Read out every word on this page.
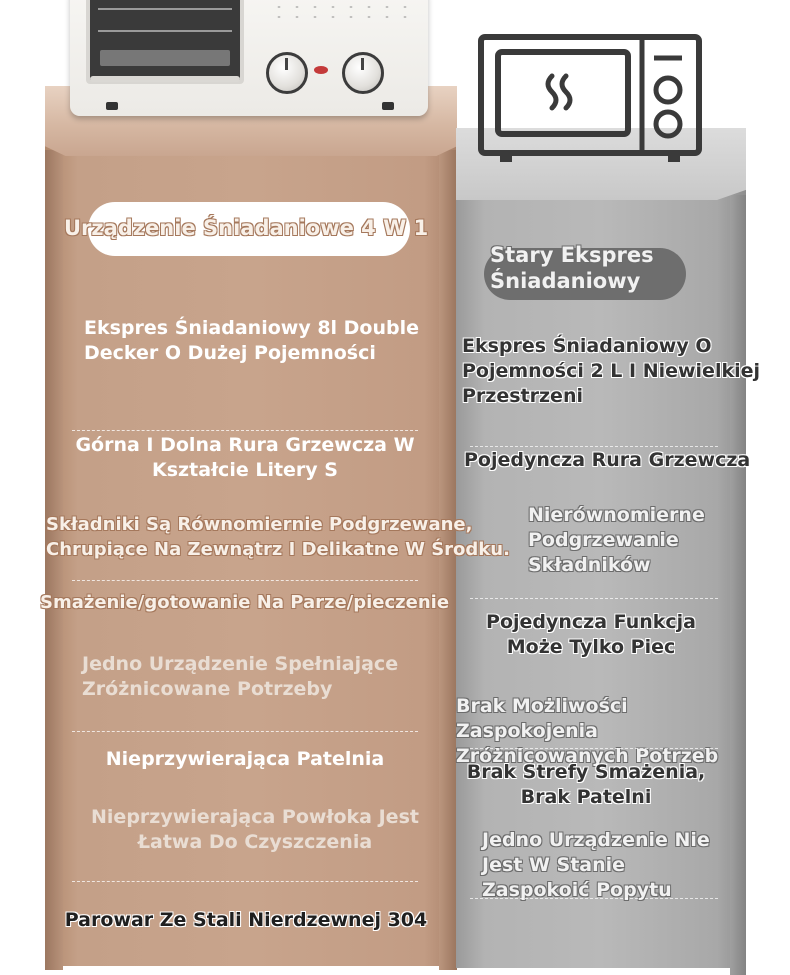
Urządzenie Śniadaniowe 4 W 1
Stary Ekspres Śniadaniowy
Ekspres Śniadaniowy 8l Double Decker O Dużej Pojemności
Górna I Dolna Rura Grzewcza W Kształcie Litery S
Składniki Są Równomiernie Podgrzewane, Chrupiące Na Zewnątrz I Delikatne W Środku.
Smażenie/gotowanie Na Parze/pieczenie
Jedno Urządzenie Spełniające Zróżnicowane Potrzeby
Nieprzywierająca Patelnia
Nieprzywierająca Powłoka Jest Łatwa Do Czyszczenia
Parowar Ze Stali Nierdzewnej 304
Ekspres Śniadaniowy O Pojemności 2 L I Niewielkiej Przestrzeni
Pojedyncza Rura Grzewcza
Nierównomierne Podgrzewanie Składników
Pojedyncza Funkcja Może Tylko Piec
Brak Możliwości Zaspokojenia Zróżnicowanych Potrzeb
Brak Strefy Smażenia, Brak Patelni
Jedno Urządzenie Nie Jest W Stanie Zaspokoić Popytu
